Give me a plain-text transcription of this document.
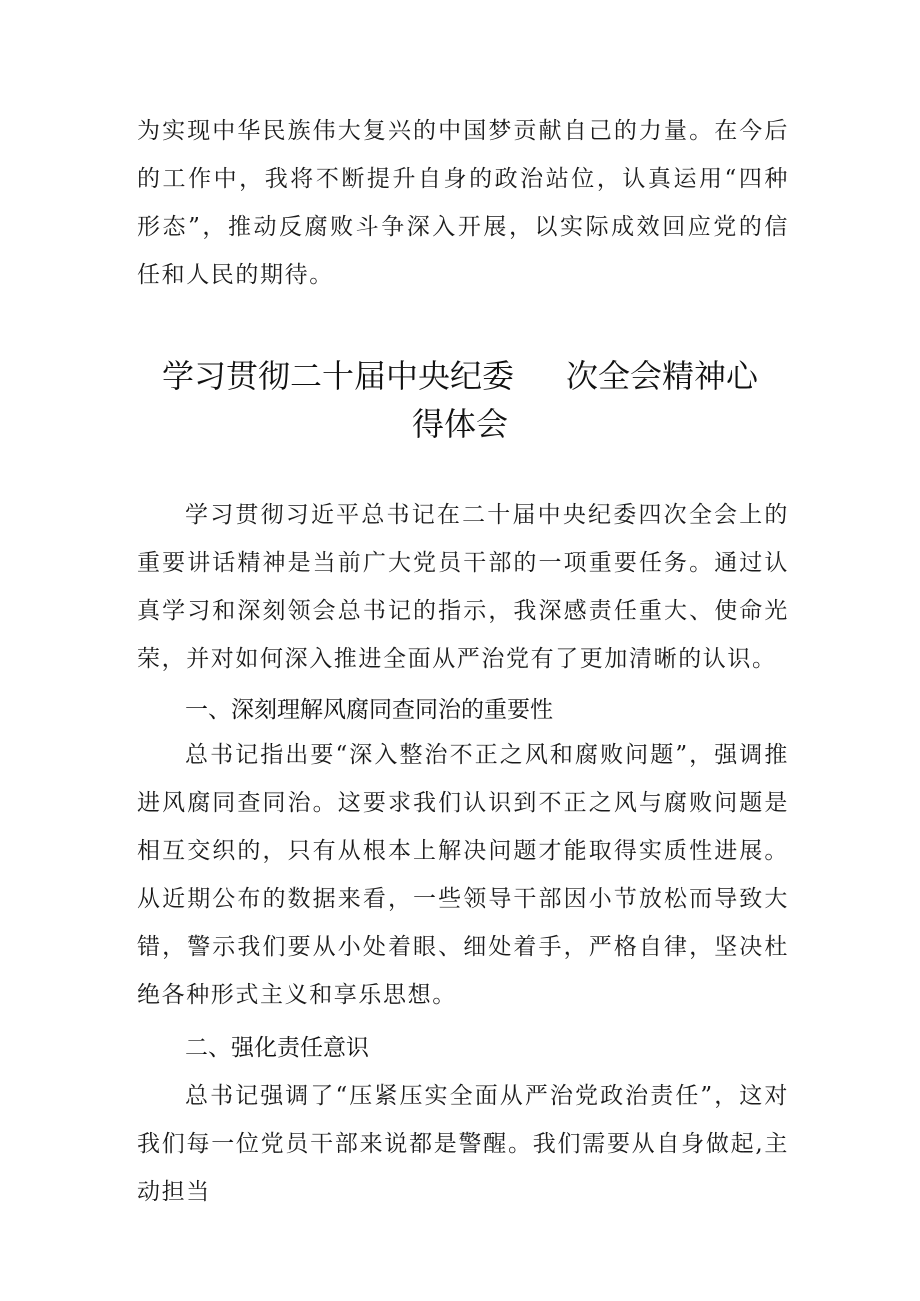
为实现中华民族伟大复兴的中国梦贡献自己的力量。在今后的工作中，我将不断提升自身的政治站位，认真运用“四种形态”，推动反腐败斗争深入开展，以实际成效回应党的信任和人民的期待。

学习贯彻二十届中央纪委 次全会精神心
得体会

学习贯彻习近平总书记在二十届中央纪委四次全会上的重要讲话精神是当前广大党员干部的一项重要任务。通过认真学习和深刻领会总书记的指示，我深感责任重大、使命光荣，并对如何深入推进全面从严治党有了更加清晰的认识。

一、深刻理解风腐同查同治的重要性

总书记指出要“深入整治不正之风和腐败问题”，强调推进风腐同查同治。这要求我们认识到不正之风与腐败问题是相互交织的，只有从根本上解决问题才能取得实质性进展。从近期公布的数据来看，一些领导干部因小节放松而导致大错，警示我们要从小处着眼、细处着手，严格自律，坚决杜绝各种形式主义和享乐思想。

二、强化责任意识

总书记强调了“压紧压实全面从严治党政治责任”，这对我们每一位党员干部来说都是警醒。我们需要从自身做起,主动担当
